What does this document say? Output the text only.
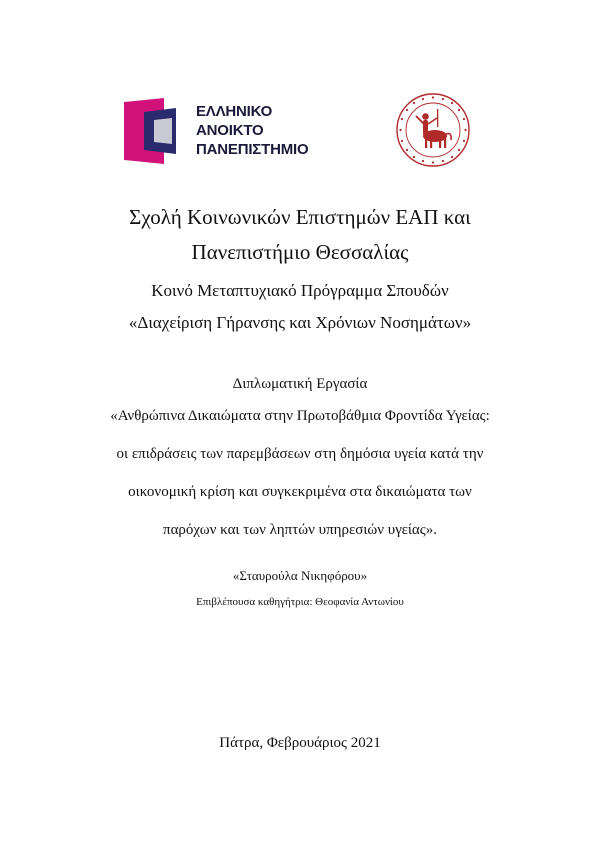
ΕΛΛΗΝΙΚΟ
ΑΝΟΙΚΤΟ
ΠΑΝΕΠΙΣΤΗΜΙΟ
Σχολή Κοινωνικών Επιστημών ΕΑΠ και
Πανεπιστήμιο Θεσσαλίας
Κοινό Μεταπτυχιακό Πρόγραμμα Σπουδών
«Διαχείριση Γήρανσης και Χρόνιων Νοσημάτων»
Διπλωματική Εργασία
«Ανθρώπινα Δικαιώματα στην Πρωτοβάθμια Φροντίδα Υγείας:
οι επιδράσεις των παρεμβάσεων στη δημόσια υγεία κατά την
οικονομική κρίση και συγκεκριμένα στα δικαιώματα των
παρόχων και των ληπτών υπηρεσιών υγείας».
«Σταυρούλα Νικηφόρου»
Επιβλέπουσα καθηγήτρια: Θεοφανία Αντωνίου
Πάτρα, Φεβρουάριος 2021
